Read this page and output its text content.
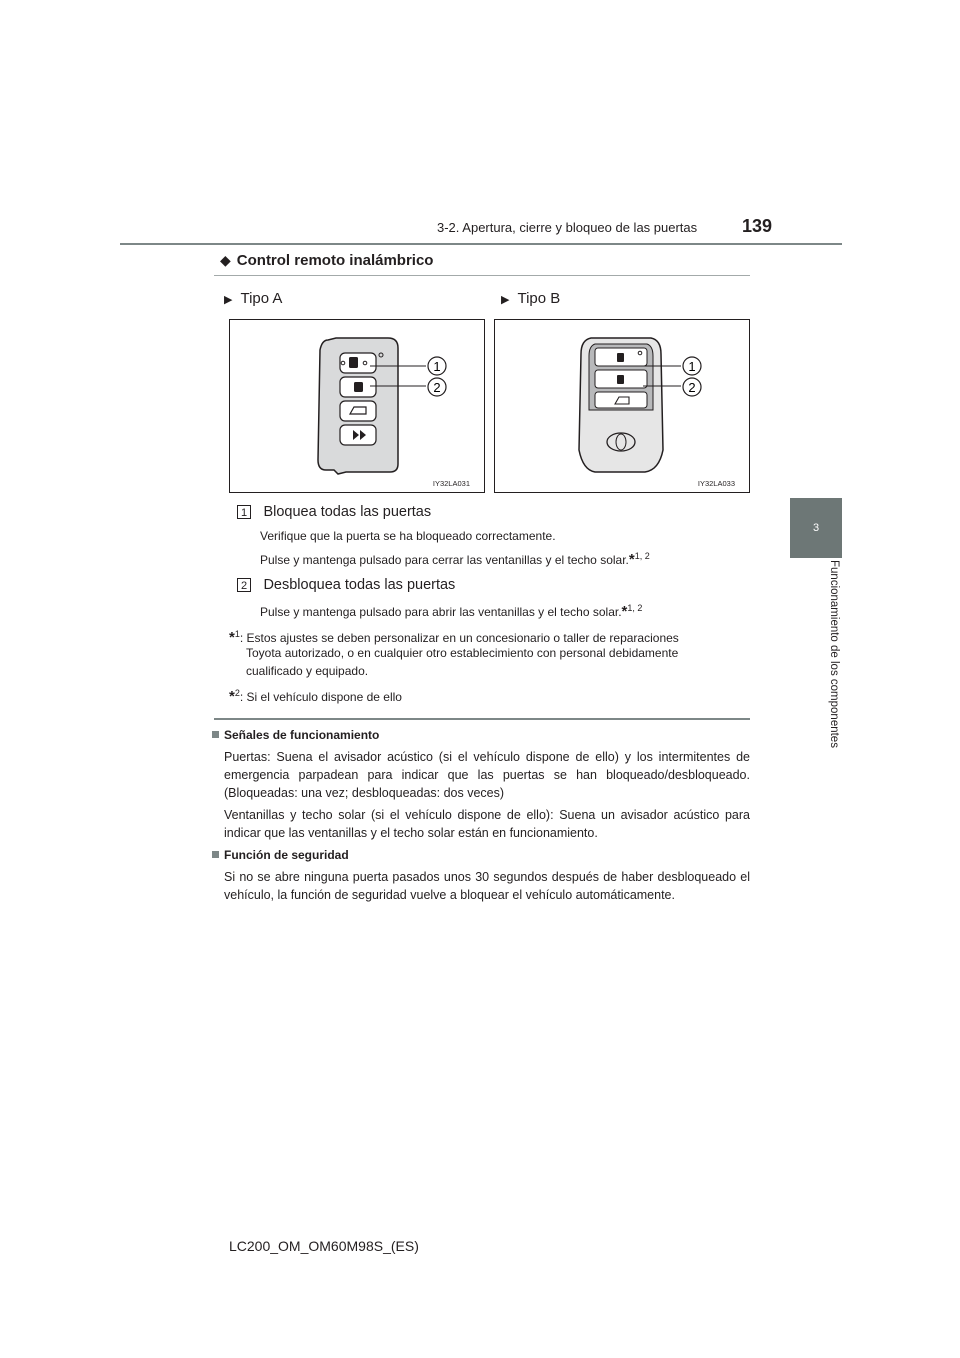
3-2. Apertura, cierre y bloqueo de las puertas 139
3
Funcionamiento de los componentes
◆ Control remoto inalámbrico
▶ Tipo A	▶ Tipo B
1
2
IY32LA031
1
2
IY32LA033
1 Bloquea todas las puertas
Verifique que la puerta se ha bloqueado correctamente.
Pulse y mantenga pulsado para cerrar las ventanillas y el techo solar.*$^{1, 2}$
2 Desbloquea todas las puertas
Pulse y mantenga pulsado para abrir las ventanillas y el techo solar.*$^{1, 2}$
*$^1$: Estos ajustes se deben personalizar en un concesionario o taller de reparaciones
Toyota autorizado, o en cualquier otro establecimiento con personal debidamente
cualificado y equipado.
*$^2$: Si el vehículo dispone de ello
Señales de funcionamiento
Puertas: Suena el avisador acústico (si el vehículo dispone de ello) y los intermitentes de emergencia parpadean para indicar que las puertas se han bloqueado/desbloqueado. (Bloqueadas: una vez; desbloqueadas: dos veces)
Ventanillas y techo solar (si el vehículo dispone de ello): Suena un avisador acústico para indicar que las ventanillas y el techo solar están en funcionamiento.
Función de seguridad
Si no se abre ninguna puerta pasados unos 30 segundos después de haber desbloqueado el vehículo, la función de seguridad vuelve a bloquear el vehículo automáticamente.
LC200_OM_OM60M98S_(ES)
